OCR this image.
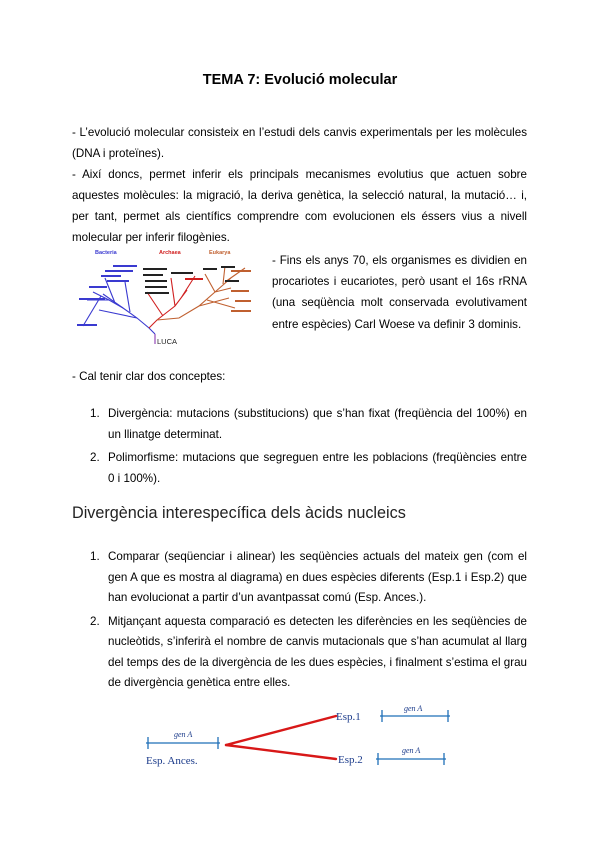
TEMA 7: Evolució molecular
- L’evolució molecular consisteix en l’estudi dels canvis experimentals per les molècules (DNA i proteïnes).
- Així doncs, permet inferir els principals mecanismes evolutius que actuen sobre aquestes molècules: la migració, la deriva genètica, la selecció natural, la mutació… i, per tant, permet als científics comprendre com evolucionen els éssers vius a nivell molecular per inferir filogènies.
Bacteria	Archaea	Eukarya
LUCA
- Fins els anys 70, els organismes es dividien en procariotes i eucariotes, però usant el 16s rRNA (una seqüència molt conservada evolutivament entre espècies) Carl Woese va definir 3 dominis.
- Cal tenir clar dos conceptes:
1. Divergència: mutacions (substitucions) que s’han fixat (freqüència del 100%) en un llinatge determinat.
2. Polimorfisme: mutacions que segreguen entre les poblacions (freqüències entre 0 i 100%).
Divergència interespecífica dels àcids nucleics
1. Comparar (seqüenciar i alinear) les seqüències actuals del mateix gen (com el gen A que es mostra al diagrama) en dues espècies diferents (Esp.1 i Esp.2) que han evolucionat a partir d’un avantpassat comú (Esp. Ances.).
2. Mitjançant aquesta comparació es detecten les diferències en les seqüències de nucleòtids, s’inferirà el nombre de canvis mutacionals que s’han acumulat al llarg del temps des de la divergència de les dues espècies, i finalment s’estima el grau de divergència genètica entre elles.
gen A
gen A
gen A
Esp. Ances.
Esp.1
Esp.2
